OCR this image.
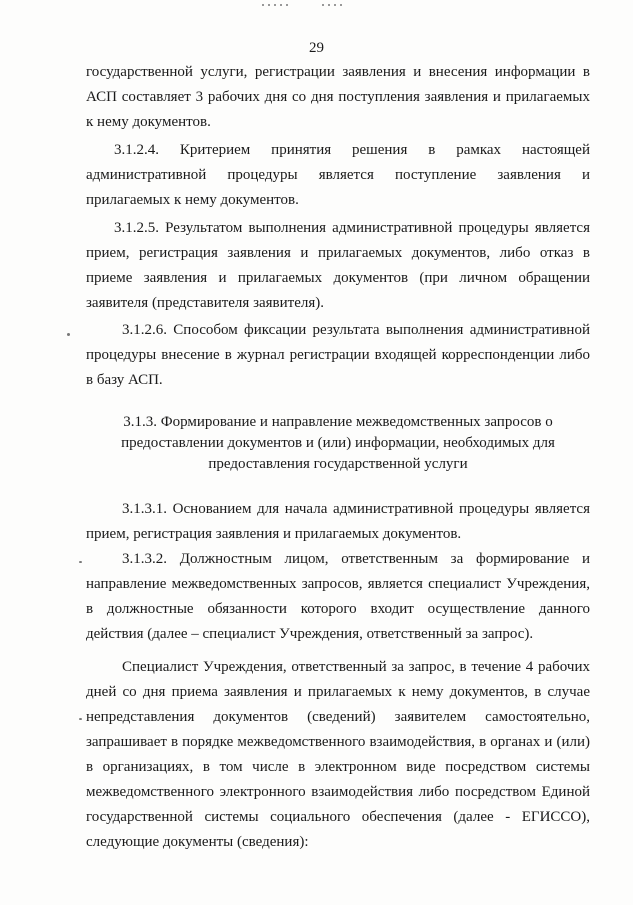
29

государственной услуги, регистрации заявления и внесения информации в АСП составляет 3 рабочих дня со дня поступления заявления и прилагаемых к нему документов.

3.1.2.4. Критерием принятия решения в рамках настоящей административной процедуры является поступление заявления и прилагаемых к нему документов.

3.1.2.5. Результатом выполнения административной процедуры является прием, регистрация заявления и прилагаемых документов, либо отказ в приеме заявления и прилагаемых документов (при личном обращении заявителя (представителя заявителя).

3.1.2.6. Способом фиксации результата выполнения административной процедуры внесение в журнал регистрации входящей корреспонденции либо в базу АСП.

3.1.3. Формирование и направление межведомственных запросов о предоставлении документов и (или) информации, необходимых для предоставления государственной услуги

3.1.3.1. Основанием для начала административной процедуры является прием, регистрация заявления и прилагаемых документов.

3.1.3.2. Должностным лицом, ответственным за формирование и направление межведомственных запросов, является специалист Учреждения, в должностные обязанности которого входит осуществление данного действия (далее – специалист Учреждения, ответственный за запрос).

Специалист Учреждения, ответственный за запрос, в течение 4 рабочих дней со дня приема заявления и прилагаемых к нему документов, в случае непредставления документов (сведений) заявителем самостоятельно, запрашивает в порядке межведомственного взаимодействия, в органах и (или) в организациях, в том числе в электронном виде посредством системы межведомственного электронного взаимодействия либо посредством Единой государственной системы социального обеспечения (далее - ЕГИССО), следующие документы (сведения):
